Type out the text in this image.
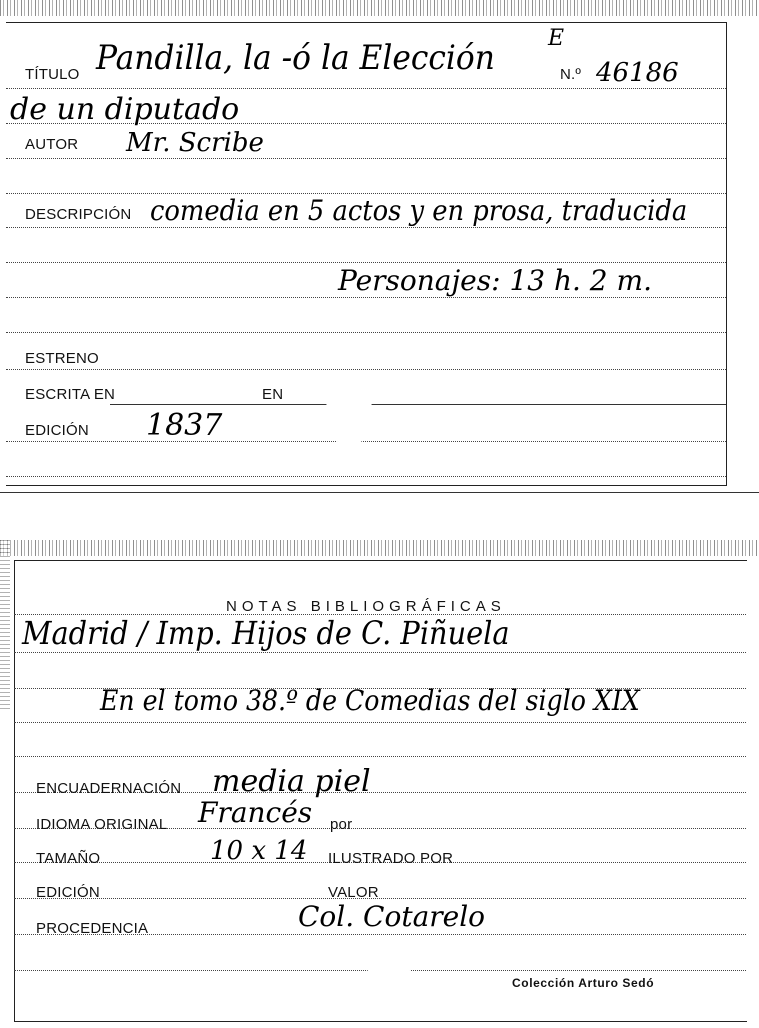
TÍTULO Pandilla, la -ó la Elección E
N.º 46186
de un diputado
AUTOR Mr. Scribe
DESCRIPCIÓN comedia en 5 actos y en prosa, traducida
Personajes: 13 h. 2 m.
ESTRENO
ESCRITA EN	EN
EDICIÓN 1837
NOTAS BIBLIOGRÁFICAS
Madrid / Imp. Hijos de C. Piñuela
En el tomo 38.º de Comedias del siglo XIX
ENCUADERNACIÓN media piel
IDIOMA ORIGINAL Francés por
TAMAÑO	10 x 14 ILUSTRADO POR
EDICIÓN	VALOR
PROCEDENCIA	Col. Cotarelo
Colección Arturo Sedó
